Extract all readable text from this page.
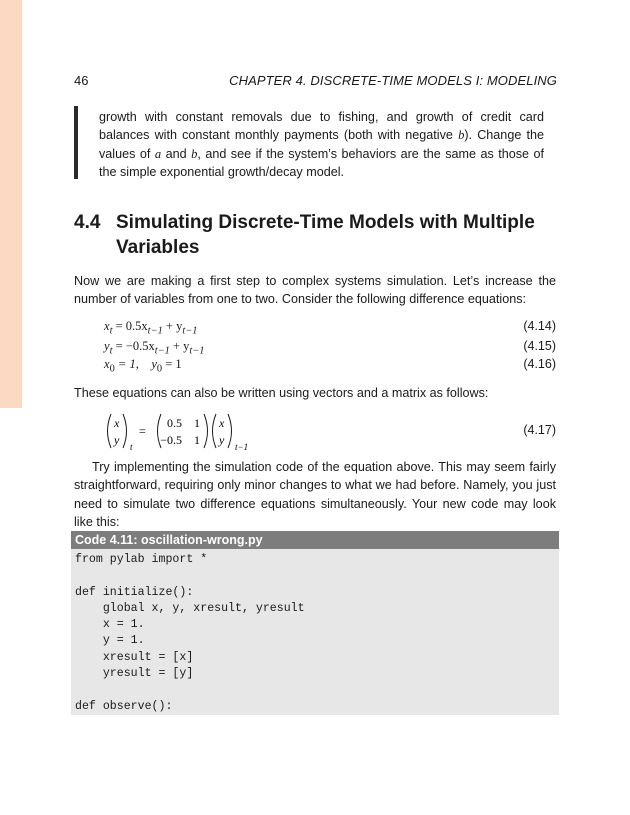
46	CHAPTER 4. DISCRETE-TIME MODELS I: MODELING

growth with constant removals due to fishing, and growth of credit card balances with constant monthly payments (both with negative b). Change the values of a and b, and see if the system’s behaviors are the same as those of the simple exponential growth/decay model.

4.4 Simulating Discrete-Time Models with Multiple Variables

Now we are making a first step to complex systems simulation. Let’s increase the number of variables from one to two. Consider the following difference equations:

$x_t = 0.5x_{t-1} + y_{t-1}$	(4.14)
$y_t = -0.5x_{t-1} + y_{t-1}$	(4.15)
$x_0 = 1$,    $y_0 = 1$	(4.16)

These equations can also be written using vectors and a matrix as follows:

x
y t
=
0.5 1
−0.5 1
x
y t−1
(4.17)

Try implementing the simulation code of the equation above. This may seem fairly straightforward, requiring only minor changes to what we had before. Namely, you just need to simulate two difference equations simultaneously. Your new code may look like this:

Code 4.11: oscillation-wrong.py
from pylab import *
def initialize():
global x, y, xresult, yresult
x = 1.
y = 1.
xresult = [x]
yresult = [y]
def observe():
